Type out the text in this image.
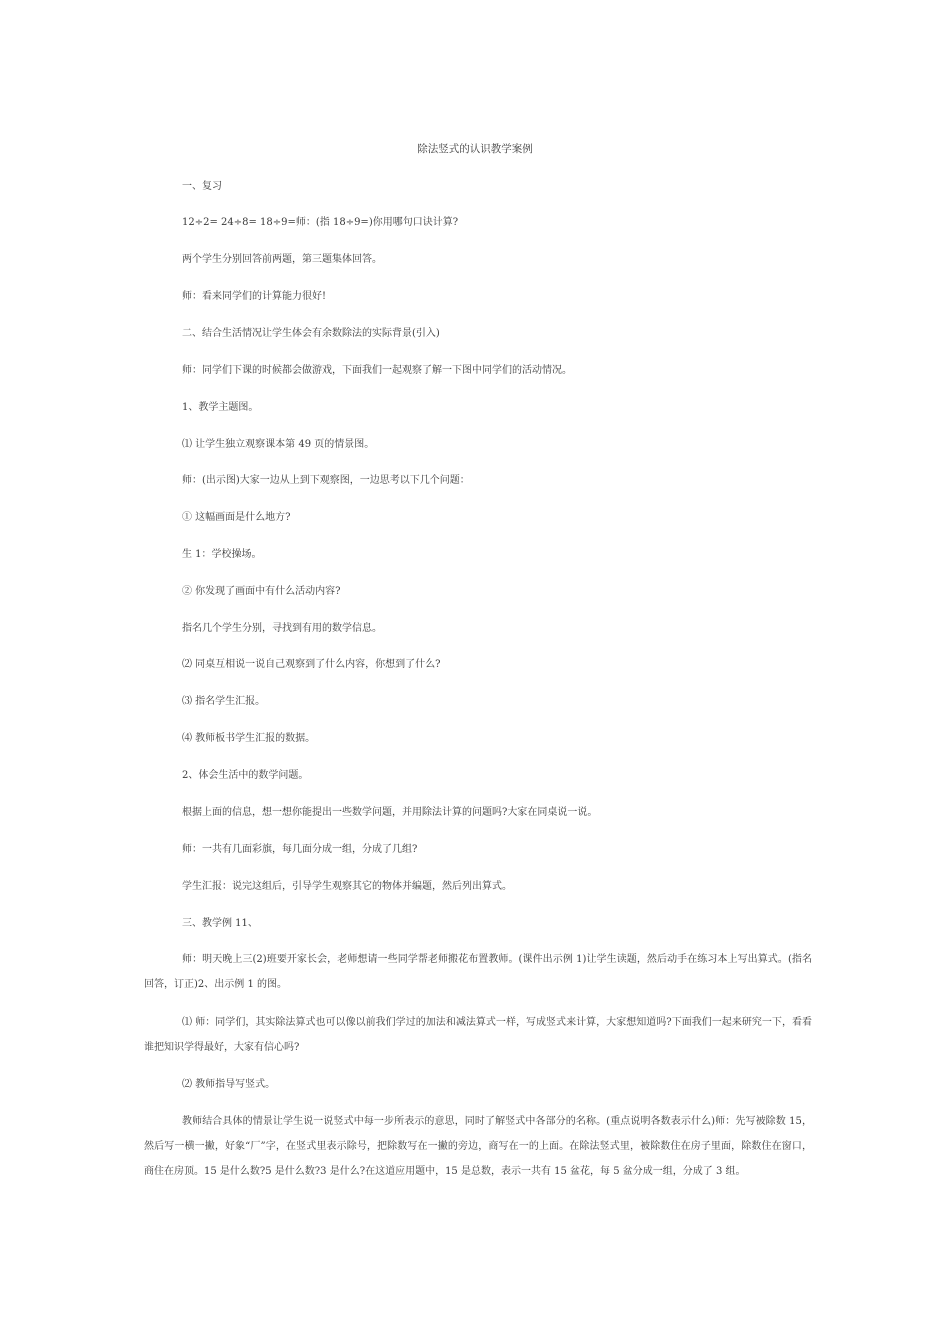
除法竖式的认识教学案例
一、复习
12÷2= 24÷8= 18÷9=师：(指 18÷9=)你用哪句口诀计算?
两个学生分别回答前两题，第三题集体回答。
师：看来同学们的计算能力很好!
二、结合生活情况让学生体会有余数除法的实际背景(引入)
师：同学们下课的时候都会做游戏，下面我们一起观察了解一下图中同学们的活动情况。
1、教学主题图。
⑴ 让学生独立观察课本第 49 页的情景图。
师：(出示图)大家一边从上到下观察图，一边思考以下几个问题：
① 这幅画面是什么地方?
生 1：学校操场。
② 你发现了画面中有什么活动内容?
指名几个学生分别，寻找到有用的数学信息。
⑵ 同桌互相说一说自己观察到了什么内容，你想到了什么?
⑶ 指名学生汇报。
⑷ 教师板书学生汇报的数据。
2、体会生活中的数学问题。
根据上面的信息，想一想你能提出一些数学问题，并用除法计算的问题吗?大家在同桌说一说。
师：一共有几面彩旗，每几面分成一组，分成了几组?
学生汇报：说完这组后，引导学生观察其它的物体并编题，然后列出算式。
三、教学例 11、
师：明天晚上三(2)班要开家长会，老师想请一些同学帮老师搬花布置教师。(课件出示例 1)让学生读题，然后动手在练习本上写出算式。(指名回答，订正)2、出示例 1 的图。
⑴ 师：同学们，其实除法算式也可以像以前我们学过的加法和减法算式一样，写成竖式来计算，大家想知道吗?下面我们一起来研究一下，看看谁把知识学得最好，大家有信心吗?
⑵ 教师指导写竖式。
教师结合具体的情景让学生说一说竖式中每一步所表示的意思，同时了解竖式中各部分的名称。(重点说明各数表示什么)师：先写被除数 15，然后写一横一撇，好象“厂”字，在竖式里表示除号，把除数写在一撇的旁边，商写在一的上面。在除法竖式里，被除数住在房子里面，除数住在窗口，商住在房顶。15 是什么数?5 是什么数?3 是什么?在这道应用题中，15 是总数，表示一共有 15 盆花，每 5 盆分成一组，分成了 3 组。
